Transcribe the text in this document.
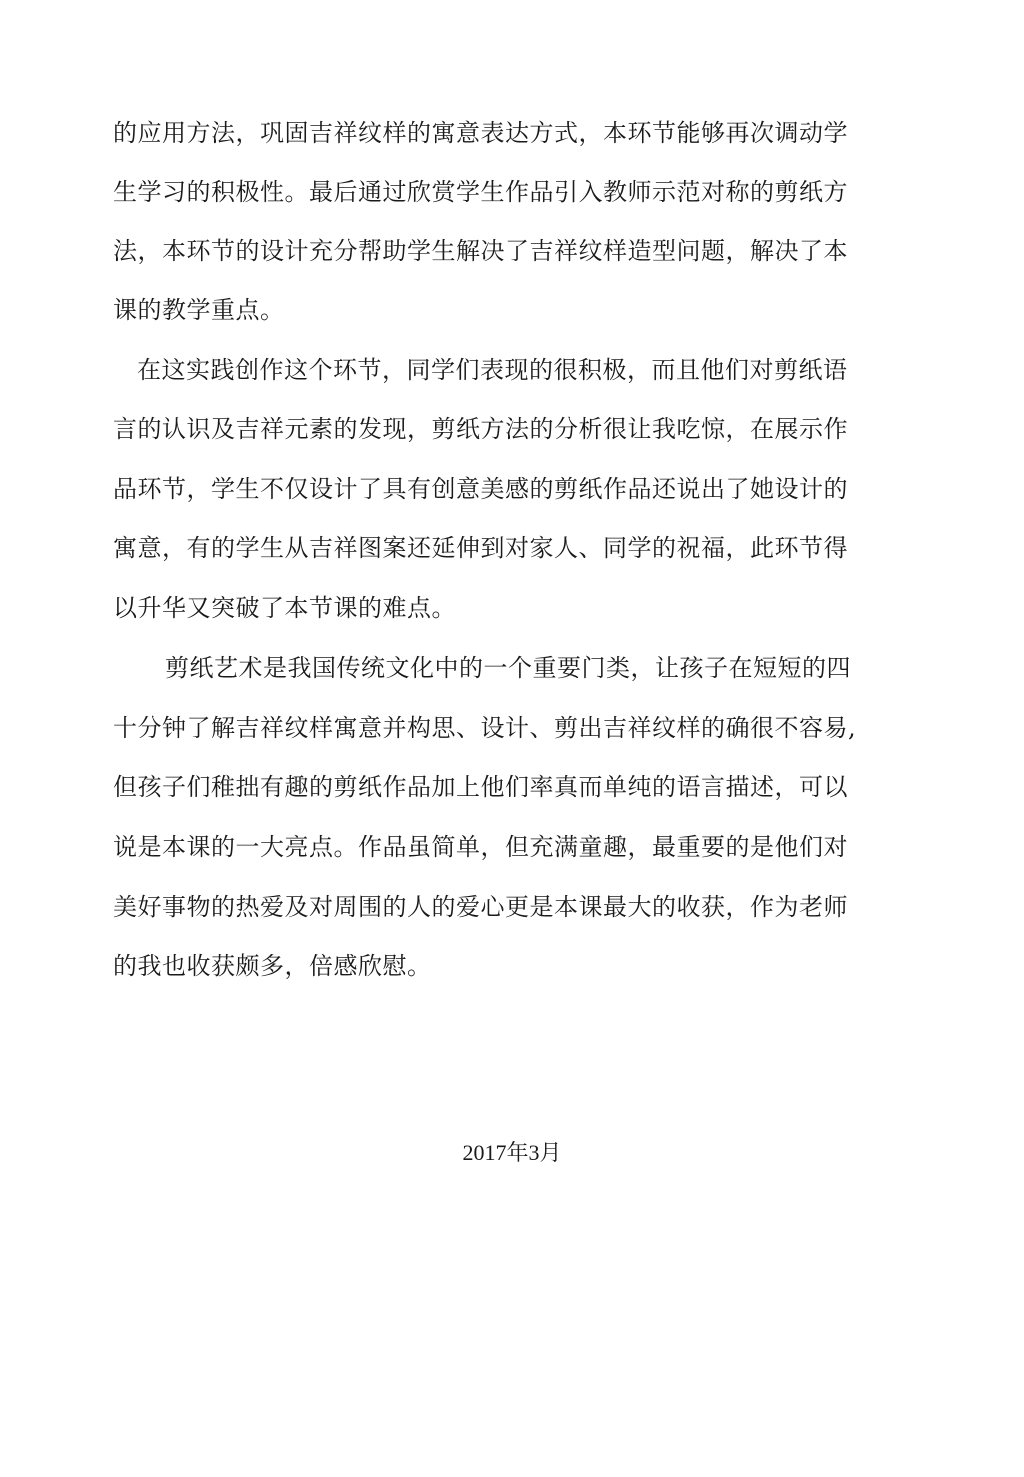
的应用方法，巩固吉祥纹样的寓意表达方式，本环节能够再次调动学

生学习的积极性。最后通过欣赏学生作品引入教师示范对称的剪纸方

法，本环节的设计充分帮助学生解决了吉祥纹样造型问题，解决了本

课的教学重点。

在这实践创作这个环节，同学们表现的很积极，而且他们对剪纸语

言的认识及吉祥元素的发现，剪纸方法的分析很让我吃惊，在展示作

品环节，学生不仅设计了具有创意美感的剪纸作品还说出了她设计的

寓意，有的学生从吉祥图案还延伸到对家人、同学的祝福，此环节得

以升华又突破了本节课的难点。

剪纸艺术是我国传统文化中的一个重要门类，让孩子在短短的四

十分钟了解吉祥纹样寓意并构思、设计、剪出吉祥纹样的确很不容易,

但孩子们稚拙有趣的剪纸作品加上他们率真而单纯的语言描述，可以

说是本课的一大亮点。作品虽简单，但充满童趣，最重要的是他们对

美好事物的热爱及对周围的人的爱心更是本课最大的收获，作为老师

的我也收获颇多，倍感欣慰。

2017年3月
